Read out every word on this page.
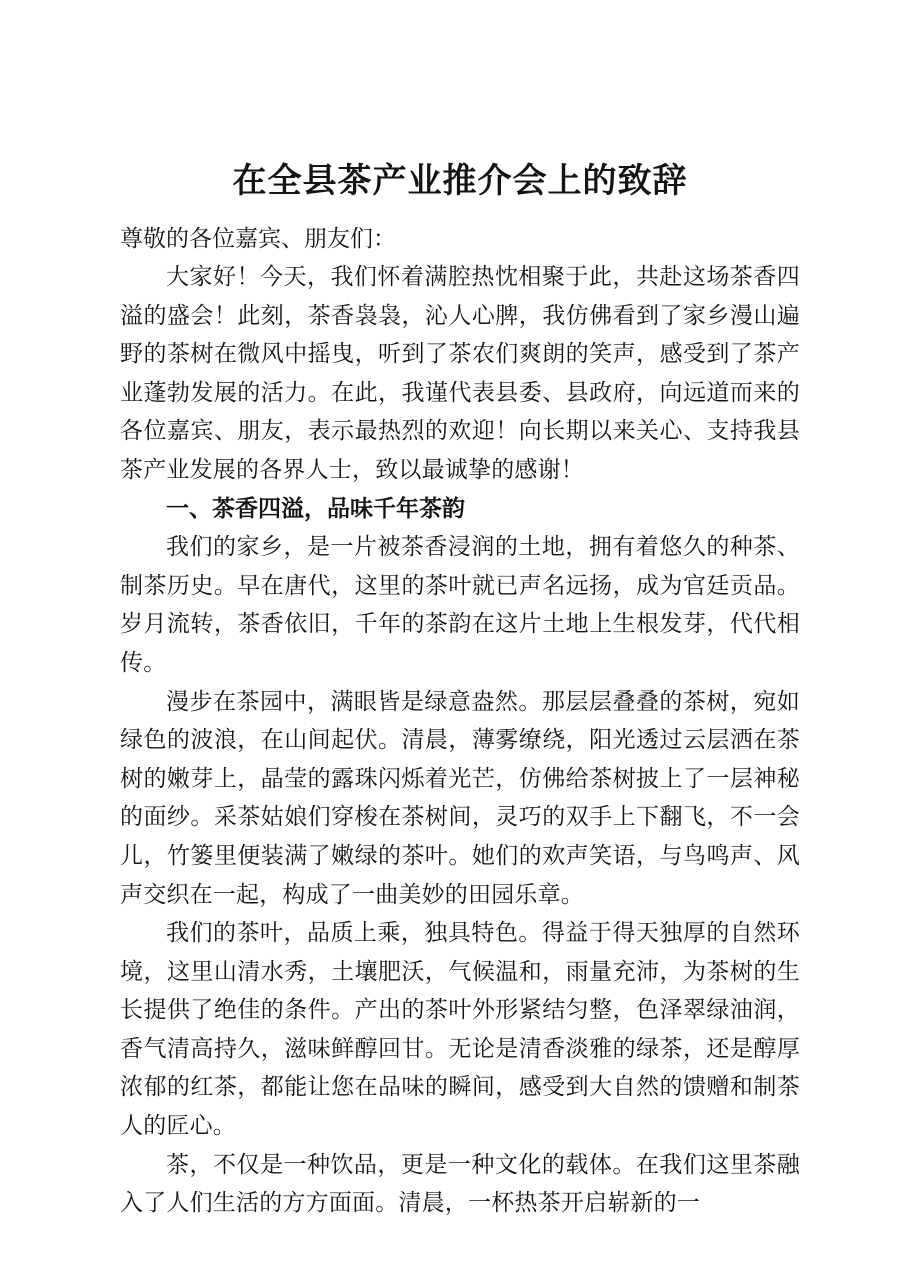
在全县茶产业推介会上的致辞

尊敬的各位嘉宾、朋友们：

大家好！今天，我们怀着满腔热忱相聚于此，共赴这场茶香四溢的盛会！此刻，茶香袅袅，沁人心脾，我仿佛看到了家乡漫山遍野的茶树在微风中摇曳，听到了茶农们爽朗的笑声，感受到了茶产业蓬勃发展的活力。在此，我谨代表县委、县政府，向远道而来的各位嘉宾、朋友，表示最热烈的欢迎！向长期以来关心、支持我县茶产业发展的各界人士，致以最诚挚的感谢！

一、茶香四溢，品味千年茶韵

我们的家乡，是一片被茶香浸润的土地，拥有着悠久的种茶、制茶历史。早在唐代，这里的茶叶就已声名远扬，成为官廷贡品。岁月流转，茶香依旧，千年的茶韵在这片土地上生根发芽，代代相传。

漫步在茶园中，满眼皆是绿意盎然。那层层叠叠的茶树，宛如绿色的波浪，在山间起伏。清晨，薄雾缭绕，阳光透过云层洒在茶树的嫩芽上，晶莹的露珠闪烁着光芒，仿佛给茶树披上了一层神秘的面纱。采茶姑娘们穿梭在茶树间，灵巧的双手上下翻飞，不一会儿，竹篓里便装满了嫩绿的茶叶。她们的欢声笑语，与鸟鸣声、风声交织在一起，构成了一曲美妙的田园乐章。

我们的茶叶，品质上乘，独具特色。得益于得天独厚的自然环境，这里山清水秀，土壤肥沃，气候温和，雨量充沛，为茶树的生长提供了绝佳的条件。产出的茶叶外形紧结匀整，色泽翠绿油润，香气清高持久，滋味鲜醇回甘。无论是清香淡雅的绿茶，还是醇厚浓郁的红茶，都能让您在品味的瞬间，感受到大自然的馈赠和制茶人的匠心。

茶，不仅是一种饮品，更是一种文化的载体。在我们这里茶融入了人们生活的方方面面。清晨，一杯热茶开启崭新的一
